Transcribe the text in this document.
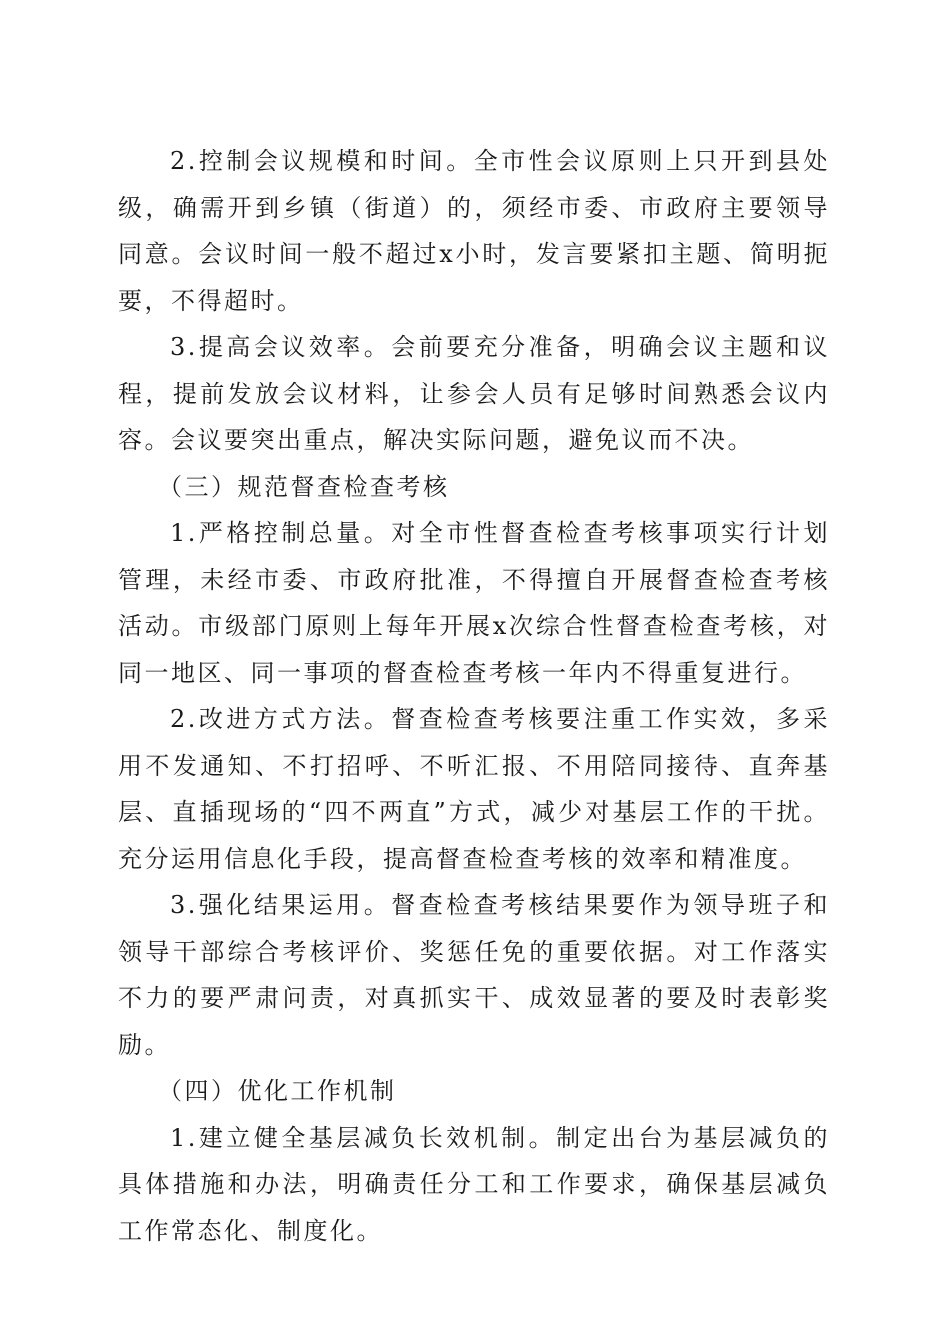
2.控制会议规模和时间。全市性会议原则上只开到县处级，确需开到乡镇（街道）的，须经市委、市政府主要领导同意。会议时间一般不超过x小时，发言要紧扣主题、简明扼要，不得超时。

3.提高会议效率。会前要充分准备，明确会议主题和议程，提前发放会议材料，让参会人员有足够时间熟悉会议内容。会议要突出重点，解决实际问题，避免议而不决。

（三）规范督查检查考核

1.严格控制总量。对全市性督查检查考核事项实行计划管理，未经市委、市政府批准，不得擅自开展督查检查考核活动。市级部门原则上每年开展x次综合性督查检查考核，对同一地区、同一事项的督查检查考核一年内不得重复进行。

2.改进方式方法。督查检查考核要注重工作实效，多采用不发通知、不打招呼、不听汇报、不用陪同接待、直奔基层、直插现场的“四不两直”方式，减少对基层工作的干扰。充分运用信息化手段，提高督查检查考核的效率和精准度。

3.强化结果运用。督查检查考核结果要作为领导班子和领导干部综合考核评价、奖惩任免的重要依据。对工作落实不力的要严肃问责，对真抓实干、成效显著的要及时表彰奖励。

（四）优化工作机制

1.建立健全基层减负长效机制。制定出台为基层减负的具体措施和办法，明确责任分工和工作要求，确保基层减负工作常态化、制度化。
